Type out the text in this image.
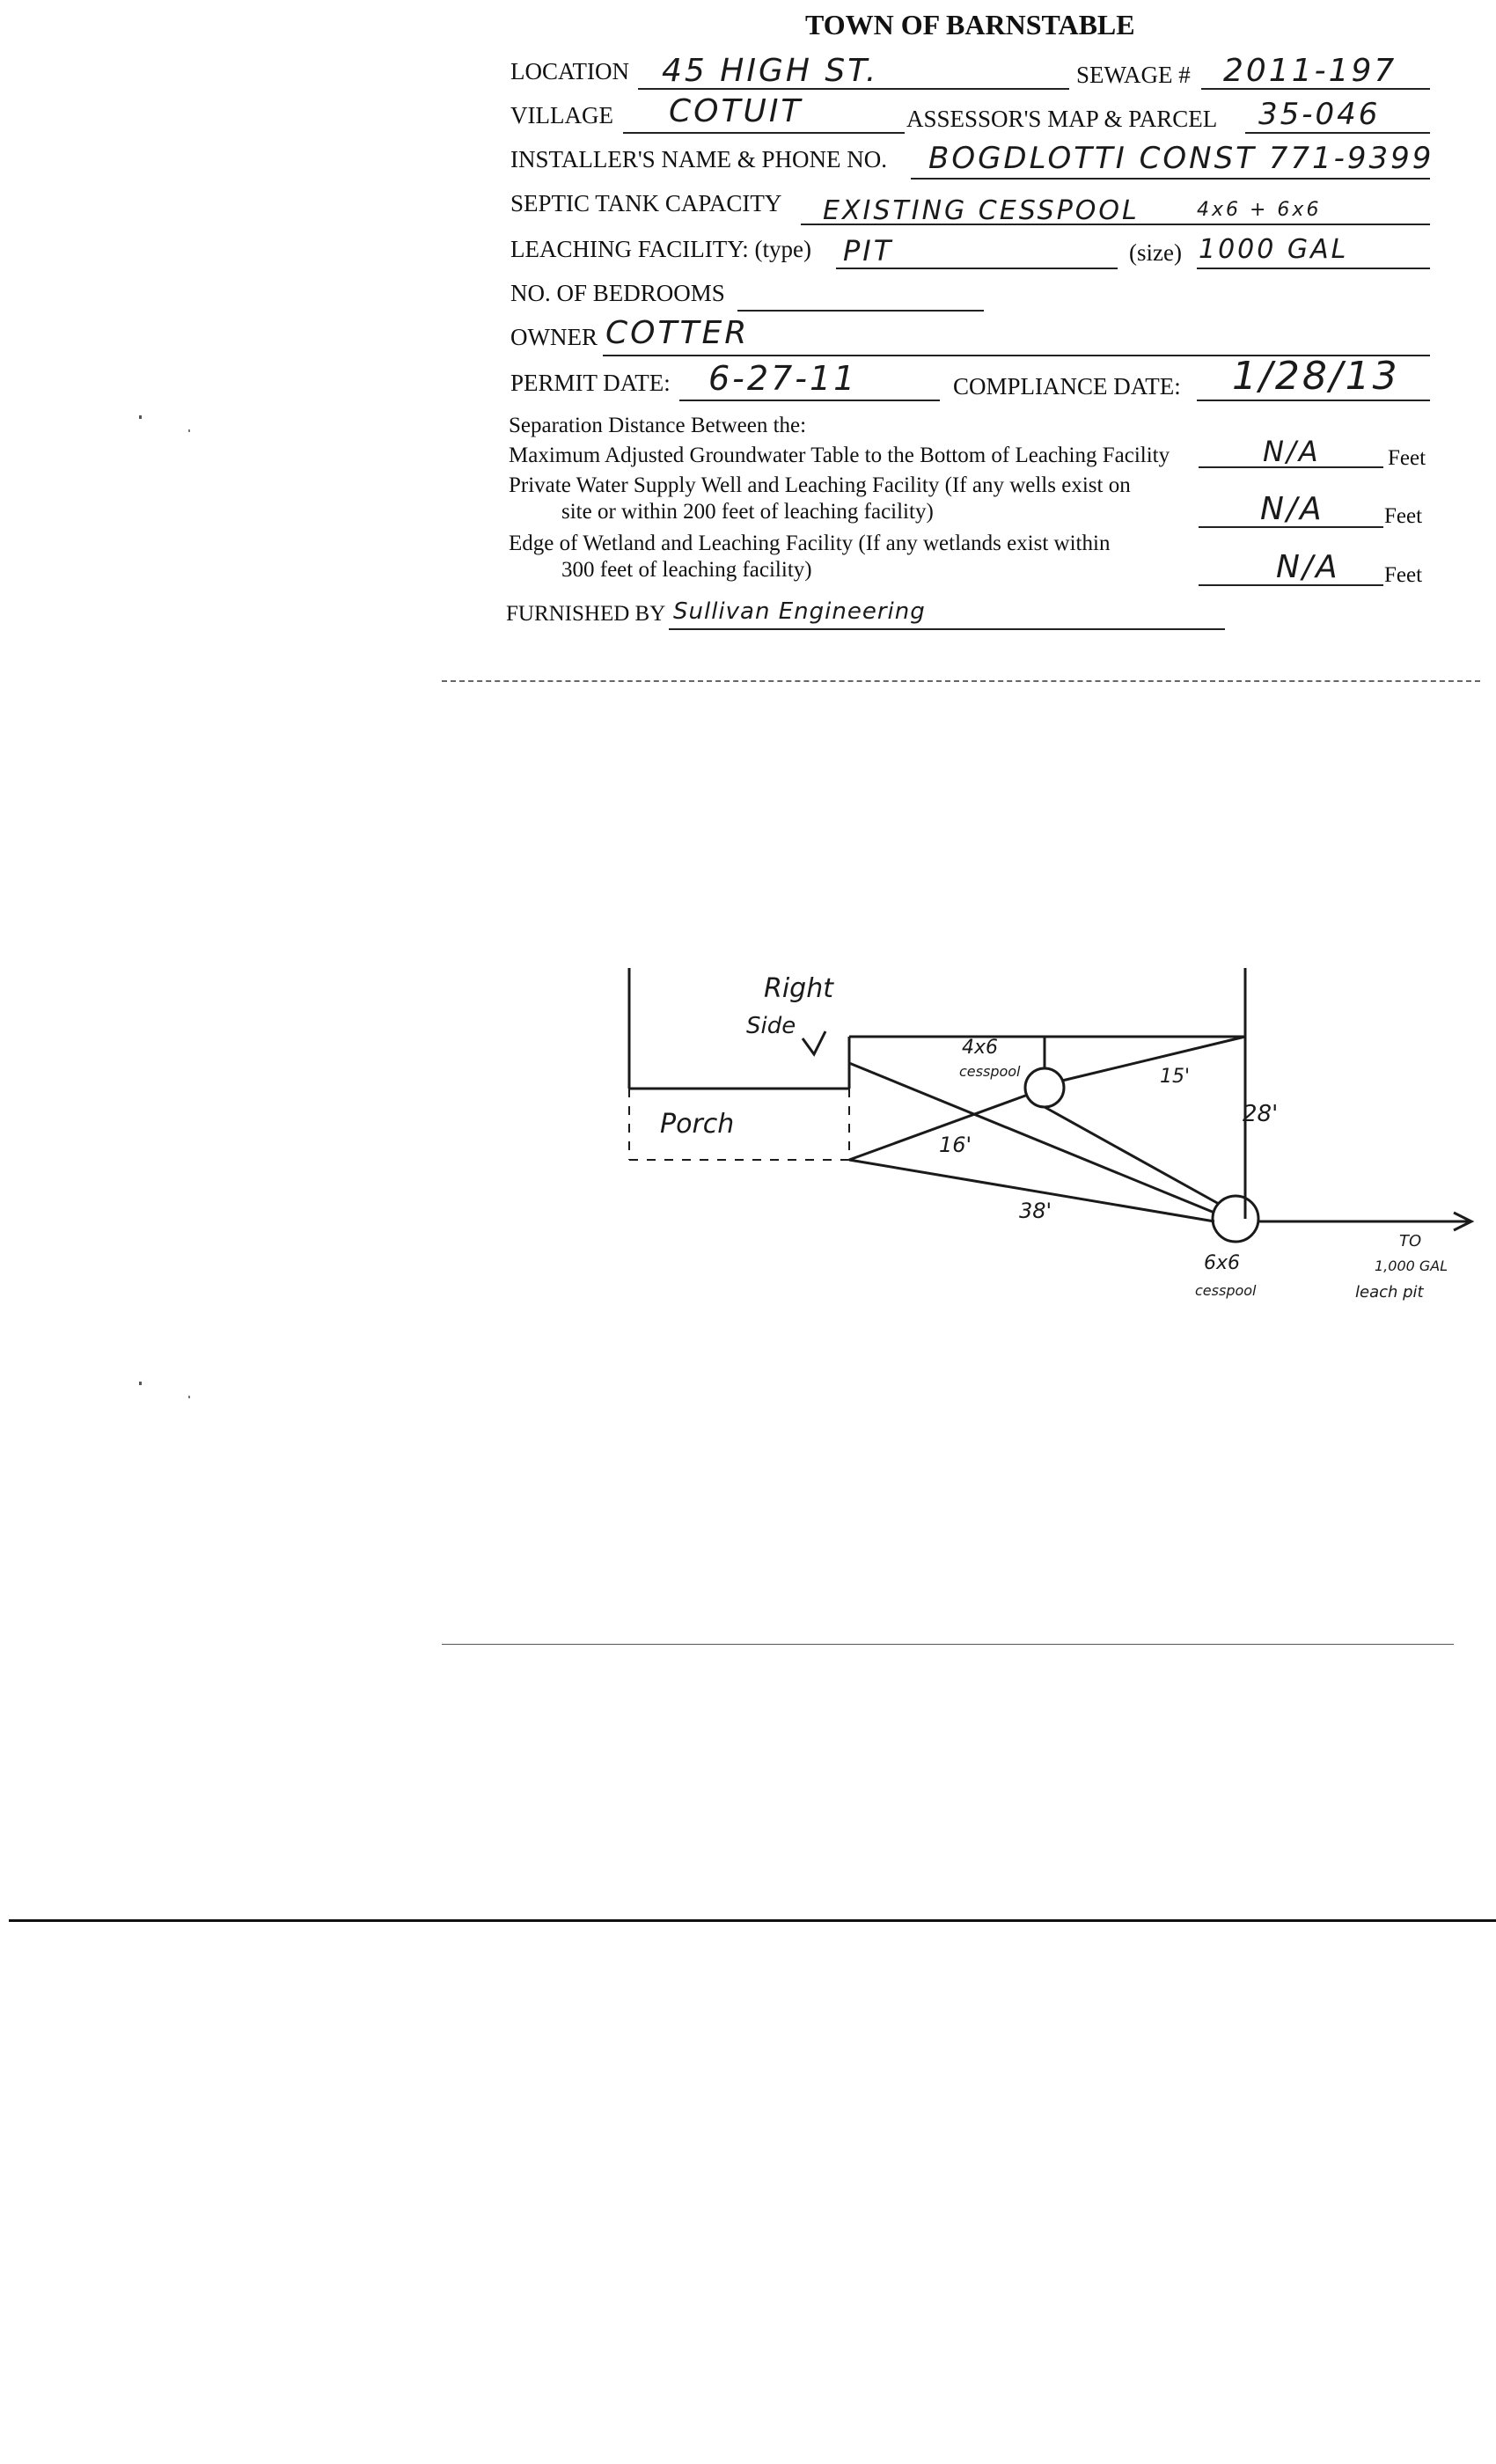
TOWN OF BARNSTABLE
LOCATION 45 HIGH ST.	SEWAGE # 2011-197
VILLAGE COTUIT	ASSESSOR'S MAP & PARCEL 35-046
INSTALLER'S NAME & PHONE NO. BOGDLOTTI CONST 771-9399
SEPTIC TANK CAPACITY EXISTING CESSPOOL	4x6 + 6x6
LEACHING FACILITY: (type) PIT	(size) 1000 GAL
NO. OF BEDROOMS
OWNER COTTER
PERMIT DATE: 6-27-11	COMPLIANCE DATE: 1/28/13
Separation Distance Between the:
Maximum Adjusted Groundwater Table to the Bottom of Leaching Facility	N/A	Feet
Private Water Supply Well and Leaching Facility (If any wells exist on
site or within 200 feet of leaching facility)	N/A	Feet
Edge of Wetland and Leaching Facility (If any wetlands exist within
300 feet of leaching facility)	N/A Feet
FURNISHED BY Sullivan Engineering
Right
Side
Porch
4x6
cesspool	15'
16'
28'
38'
6x6
cesspool
TO
1,000 GAL
leach pit
